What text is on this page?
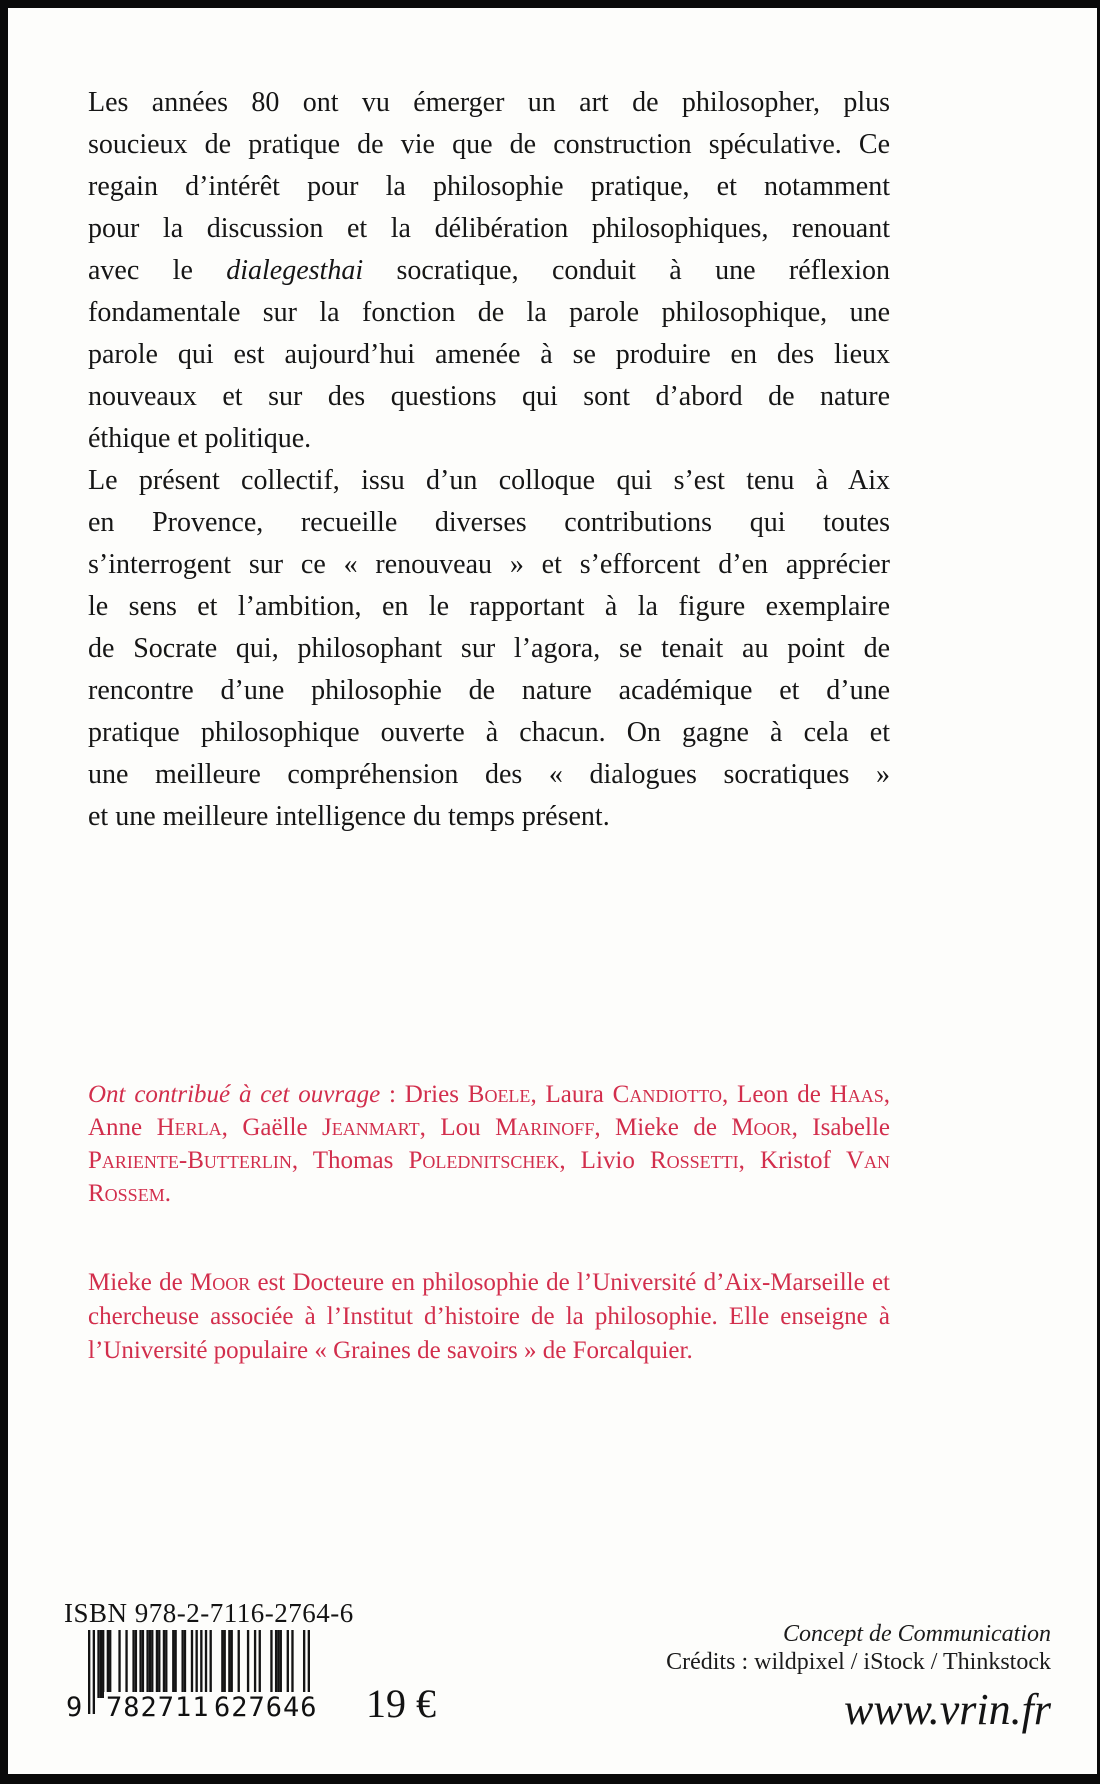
Les années 80 ont vu émerger un art de philosopher, plus
soucieux de pratique de vie que de construction spéculative. Ce
regain d’intérêt pour la philosophie pratique, et notamment
pour la discussion et la délibération philosophiques, renouant
avec le dialegesthai socratique, conduit à une réflexion
fondamentale sur la fonction de la parole philosophique, une
parole qui est aujourd’hui amenée à se produire en des lieux
nouveaux et sur des questions qui sont d’abord de nature
éthique et politique.
Le présent collectif, issu d’un colloque qui s’est tenu à Aix
en Provence, recueille diverses contributions qui toutes
s’interrogent sur ce « renouveau » et s’efforcent d’en apprécier
le sens et l’ambition, en le rapportant à la figure exemplaire
de Socrate qui, philosophant sur l’agora, se tenait au point de
rencontre d’une philosophie de nature académique et d’une
pratique philosophique ouverte à chacun. On gagne à cela et
une meilleure compréhension des « dialogues socratiques »
et une meilleure intelligence du temps présent.
Ont contribué à cet ouvrage : Dries Boele, Laura Candiotto, Leon de Haas,
Anne Herla, Gaëlle Jeanmart, Lou Marinoff, Mieke de Moor, Isabelle
Pariente-Butterlin, Thomas Polednitschek, Livio Rossetti, Kristof Van
Rossem.
Mieke de Moor est Docteure en philosophie de l’Université d’Aix-Marseille et
chercheuse associée à l’Institut d’histoire de la philosophie. Elle enseigne à
l’Université populaire « Graines de savoirs » de Forcalquier.
ISBN 978-2-7116-2764-6
9 782711 627646 19 €
Concept de Communication
Crédits : wildpixel / iStock / Thinkstock
www.vrin.fr
